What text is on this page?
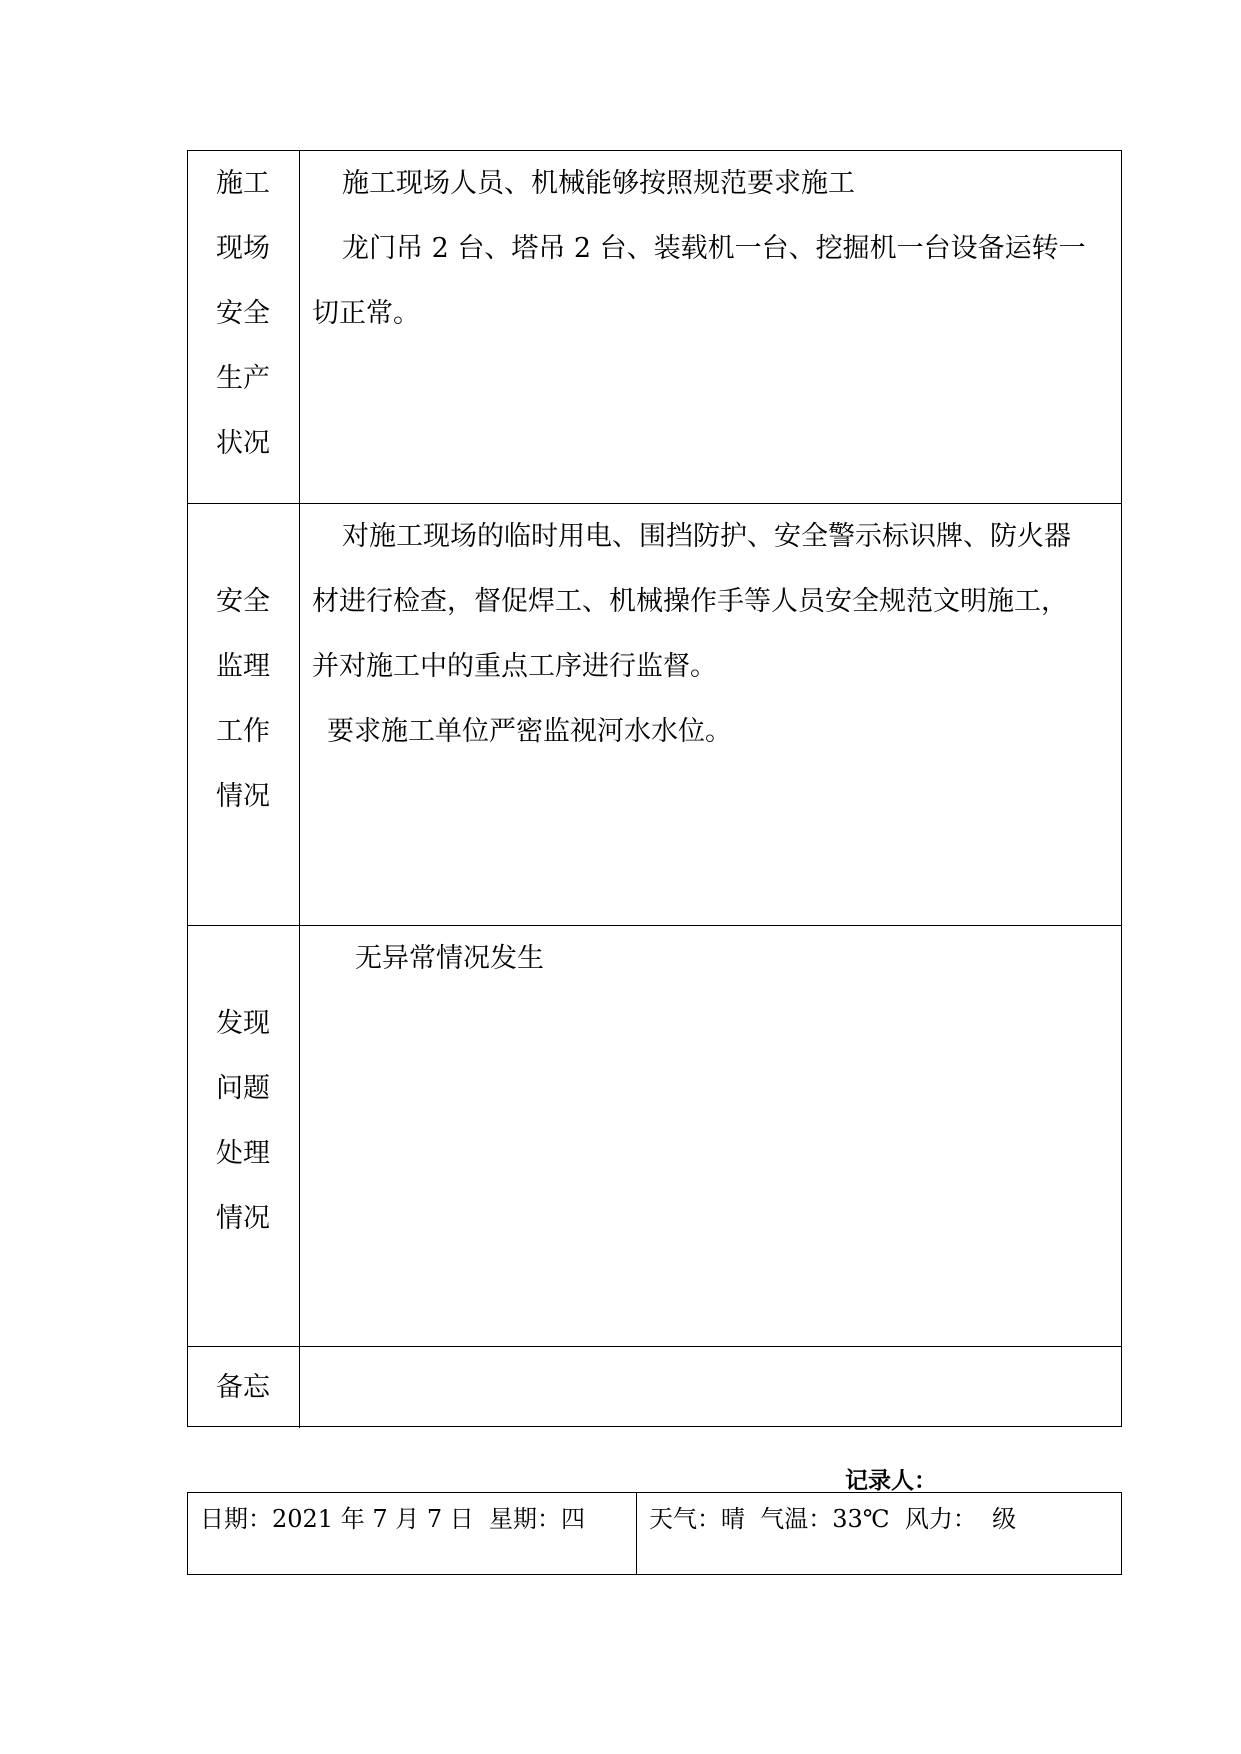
施工
现场
安全
生产
状况
施工现场人员、机械能够按照规范要求施工
龙门吊 2 台、塔吊 2 台、装载机一台、挖掘机一台设备运转一
切正常。
安全
监理
工作
情况
对施工现场的临时用电、围挡防护、安全警示标识牌、防火器
材进行检查，督促焊工、机械操作手等人员安全规范文明施工，
并对施工中的重点工序进行监督。
要求施工单位严密监视河水水位。
发现
问题
处理
情况
无异常情况发生
备忘
记录人：
日期：2021 年 7 月 7 日  星期：四	天气：晴  气温：33℃  风力：  级
